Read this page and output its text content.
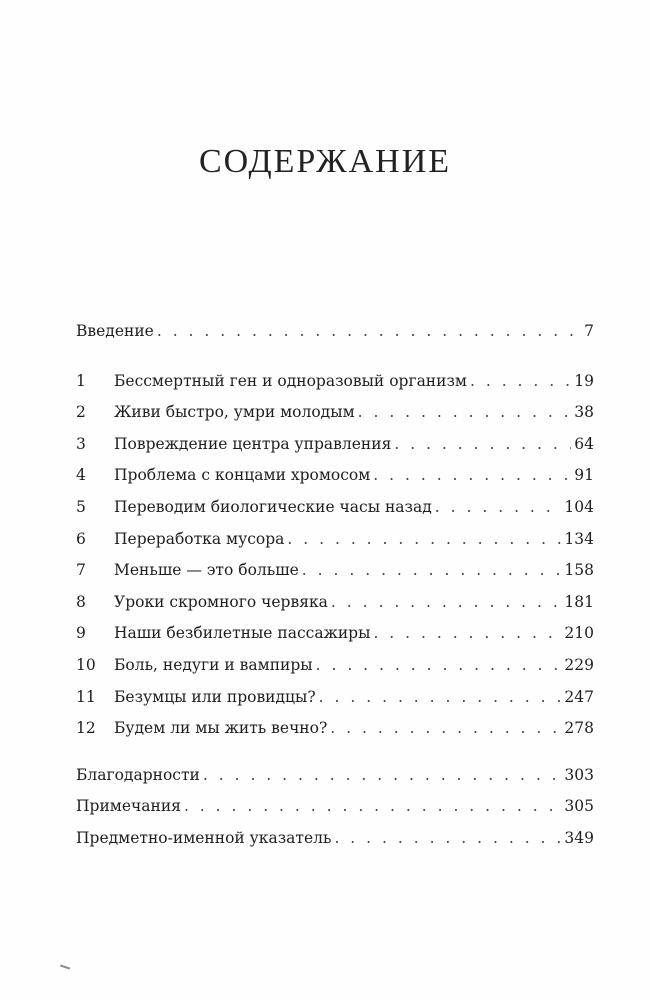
СОДЕРЖАНИЕ
Введение . . .	7
1	Бессмертный ген и одноразовый организм . . .	19
2	Живи быстро, умри молодым . . .	38
3	Повреждение центра управления . . .	64
4	Проблема с концами хромосом . . .	91
5	Переводим биологические часы назад . . .	104
6	Переработка мусора . . .	134
7	Меньше — это больше . . .	158
8	Уроки скромного червяка . . .	181
9	Наши безбилетные пассажиры . . .	210
10	Боль, недуги и вампиры . . .	229
11	Безумцы или провидцы? . . .	247
12	Будем ли мы жить вечно? . . .	278
Благодарности . . .	303
Примечания . . .	305
Предметно-именной указатель . . .	349
